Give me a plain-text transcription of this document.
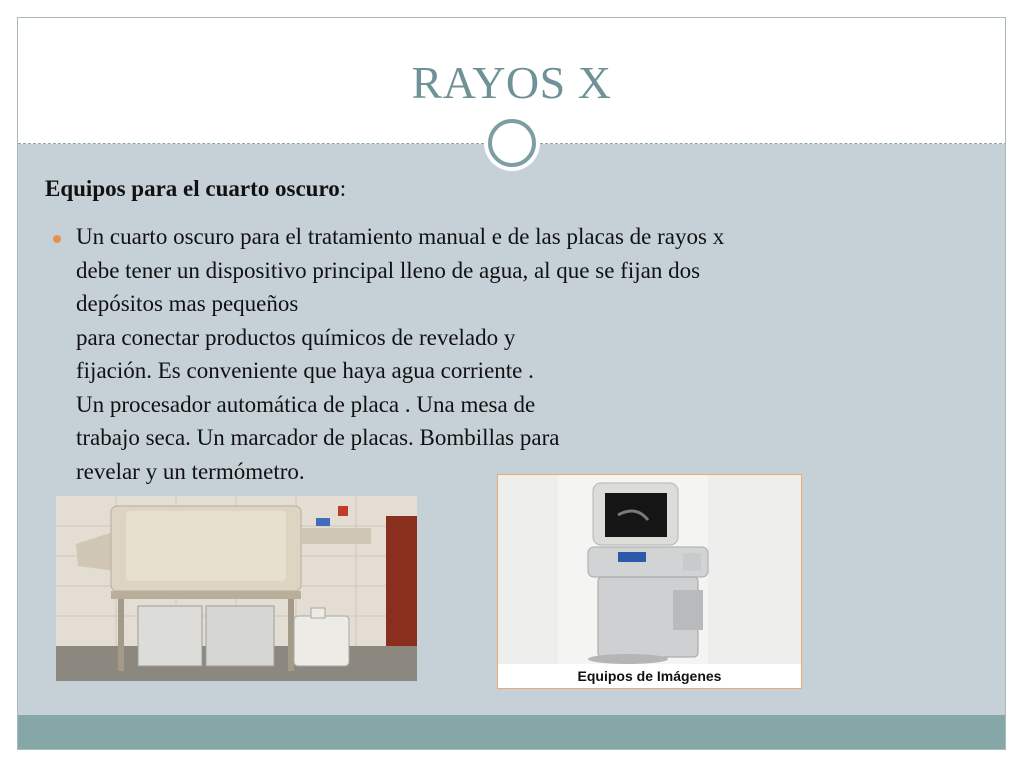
RAYOS X
Equipos para el cuarto oscuro:
Un cuarto oscuro para el tratamiento manual e de las placas de rayos x
debe tener un dispositivo principal lleno de agua, al que se fijan dos
depósitos mas pequeños
para conectar productos químicos de revelado y
fijación. Es conveniente que haya agua corriente .
Un procesador automática de placa . Una mesa de
trabajo seca. Un marcador de placas. Bombillas para
revelar y un termómetro.
Equipos de Imágenes
